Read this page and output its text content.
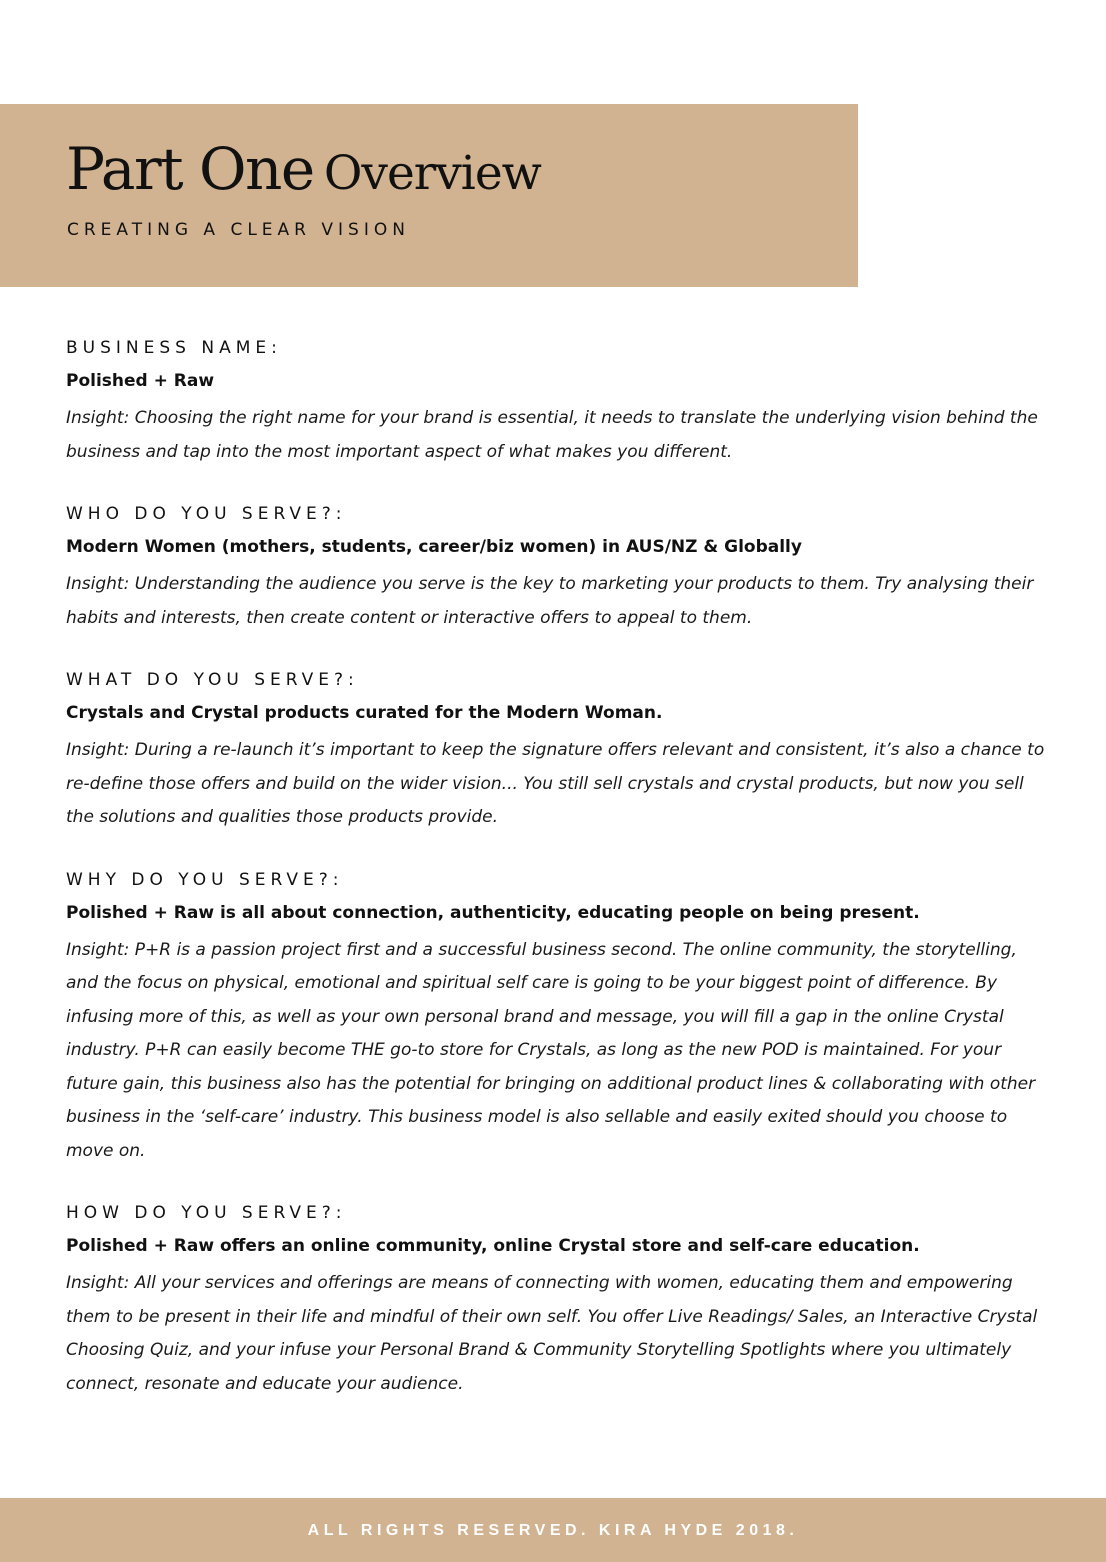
Part One Overview
CREATING A CLEAR VISION
BUSINESS NAME:
Polished + Raw

Insight: Choosing the right name for your brand is essential, it needs to translate the underlying vision behind the business and tap into the most important aspect of what makes you different.

WHO DO YOU SERVE?:
Modern Women (mothers, students, career/biz women) in AUS/NZ & Globally

Insight: Understanding the audience you serve is the key to marketing your products to them. Try analysing their habits and interests, then create content or interactive offers to appeal to them.

WHAT DO YOU SERVE?:
Crystals and Crystal products curated for the Modern Woman.

Insight: During a re-launch it’s important to keep the signature offers relevant and consistent, it’s also a chance to re-define those offers and build on the wider vision... You still sell crystals and crystal products, but now you sell the solutions and qualities those products provide.

WHY DO YOU SERVE?:
Polished + Raw is all about connection, authenticity, educating people on being present.

Insight: P+R is a passion project first and a successful business second. The online community, the storytelling, and the focus on physical, emotional and spiritual self care is going to be your biggest point of difference. By infusing more of this, as well as your own personal brand and message, you will fill a gap in the online Crystal industry. P+R can easily become THE go-to store for Crystals, as long as the new POD is maintained. For your future gain, this business also has the potential for bringing on additional product lines & collaborating with other business in the ‘self-care’ industry. This business model is also sellable and easily exited should you choose to move on.

HOW DO YOU SERVE?:
Polished + Raw offers an online community, online Crystal store and self-care education.

Insight: All your services and offerings are means of connecting with women, educating them and empowering them to be present in their life and mindful of their own self. You offer Live Readings/ Sales, an Interactive Crystal Choosing Quiz, and your infuse your Personal Brand & Community Storytelling Spotlights where you ultimately connect, resonate and educate your audience.

ALL RIGHTS RESERVED. KIRA HYDE 2018.
